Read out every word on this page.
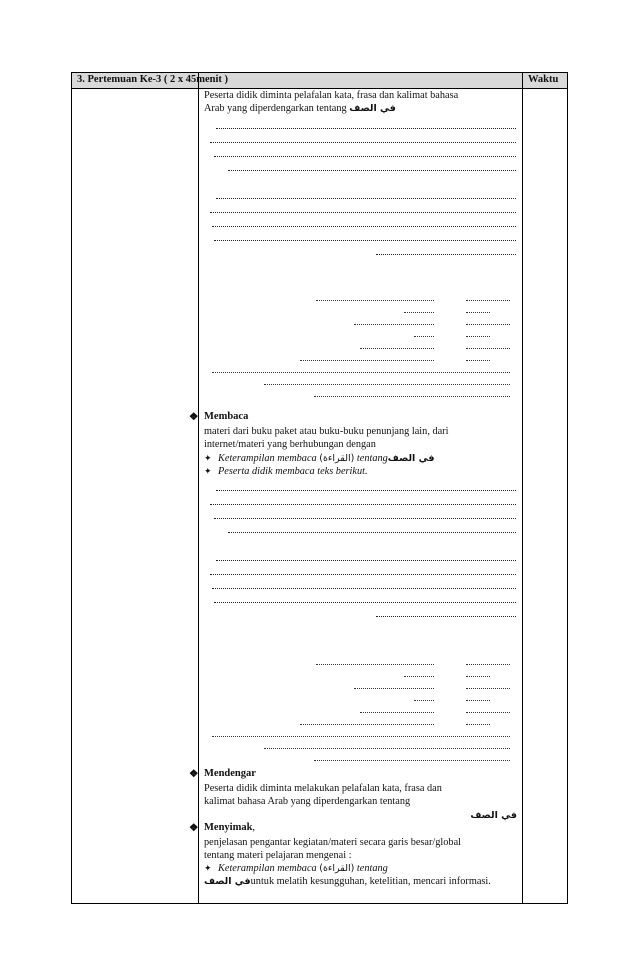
3. Pertemuan Ke-3 ( 2 x 45menit )	Waktu
Peserta didik diminta pelafalan kata, frasa dan kalimat bahasa
Arab yang diperdengarkan tentang في الصف
❖ Membaca
materi dari buku paket atau buku-buku penunjang lain, dari
internet/materi yang berhubungan dengan
✦ Keterampilan membaca (القراءة) tentangفي الصف
✦ Peserta didik membaca teks berikut.
❖ Mendengar
Peserta didik diminta melakukan pelafalan kata, frasa dan
kalimat bahasa Arab yang diperdengarkan tentang
في الصف
❖ Menyimak,
penjelasan pengantar kegiatan/materi secara garis besar/global
tentang materi pelajaran mengenai :
✦ Keterampilan membaca (القراءة) tentang
في الصفuntuk melatih kesungguhan, ketelitian, mencari informasi.
